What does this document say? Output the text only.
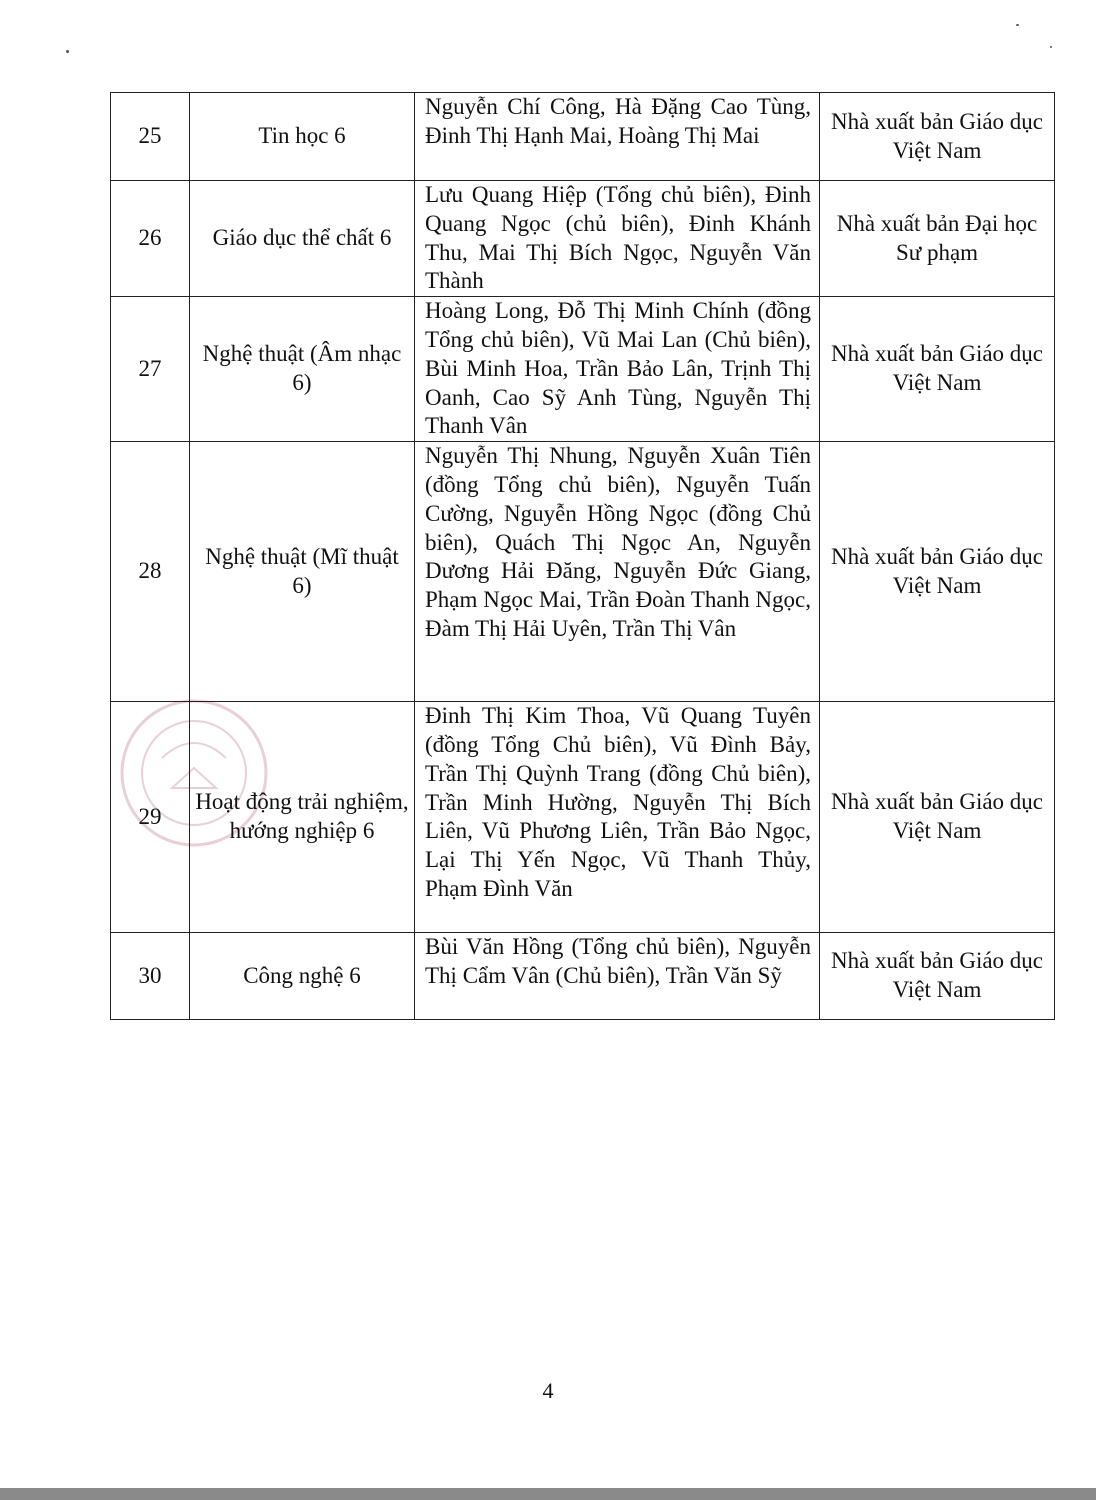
25	Tin học 6	Nguyễn Chí Công, Hà Đặng Cao Tùng, Đinh Thị Hạnh Mai, Hoàng Thị Mai	Nhà xuất bản Giáo dục Việt Nam
26	Giáo dục thể chất 6	Lưu Quang Hiệp (Tổng chủ biên), Đinh Quang Ngọc (chủ biên), Đinh Khánh Thu, Mai Thị Bích Ngọc, Nguyễn Văn Thành	Nhà xuất bản Đại học Sư phạm
27	Nghệ thuật (Âm nhạc 6)	Hoàng Long, Đỗ Thị Minh Chính (đồng Tổng chủ biên), Vũ Mai Lan (Chủ biên), Bùi Minh Hoa, Trần Bảo Lân, Trịnh Thị Oanh, Cao Sỹ Anh Tùng, Nguyễn Thị Thanh Vân	Nhà xuất bản Giáo dục Việt Nam
28	Nghệ thuật (Mĩ thuật 6)	Nguyễn Thị Nhung, Nguyễn Xuân Tiên (đồng Tổng chủ biên), Nguyễn Tuấn Cường, Nguyễn Hồng Ngọc (đồng Chủ biên), Quách Thị Ngọc An, Nguyễn Dương Hải Đăng, Nguyễn Đức Giang, Phạm Ngọc Mai, Trần Đoàn Thanh Ngọc, Đàm Thị Hải Uyên, Trần Thị Vân	Nhà xuất bản Giáo dục Việt Nam
29	Hoạt động trải nghiệm, hướng nghiệp 6	Đinh Thị Kim Thoa, Vũ Quang Tuyên (đồng Tổng Chủ biên), Vũ Đình Bảy, Trần Thị Quỳnh Trang (đồng Chủ biên), Trần Minh Hường, Nguyễn Thị Bích Liên, Vũ Phương Liên, Trần Bảo Ngọc, Lại Thị Yến Ngọc, Vũ Thanh Thủy, Phạm Đình Văn	Nhà xuất bản Giáo dục Việt Nam
30	Công nghệ 6	Bùi Văn Hồng (Tổng chủ biên), Nguyễn Thị Cẩm Vân (Chủ biên), Trần Văn Sỹ	Nhà xuất bản Giáo dục Việt Nam
4
